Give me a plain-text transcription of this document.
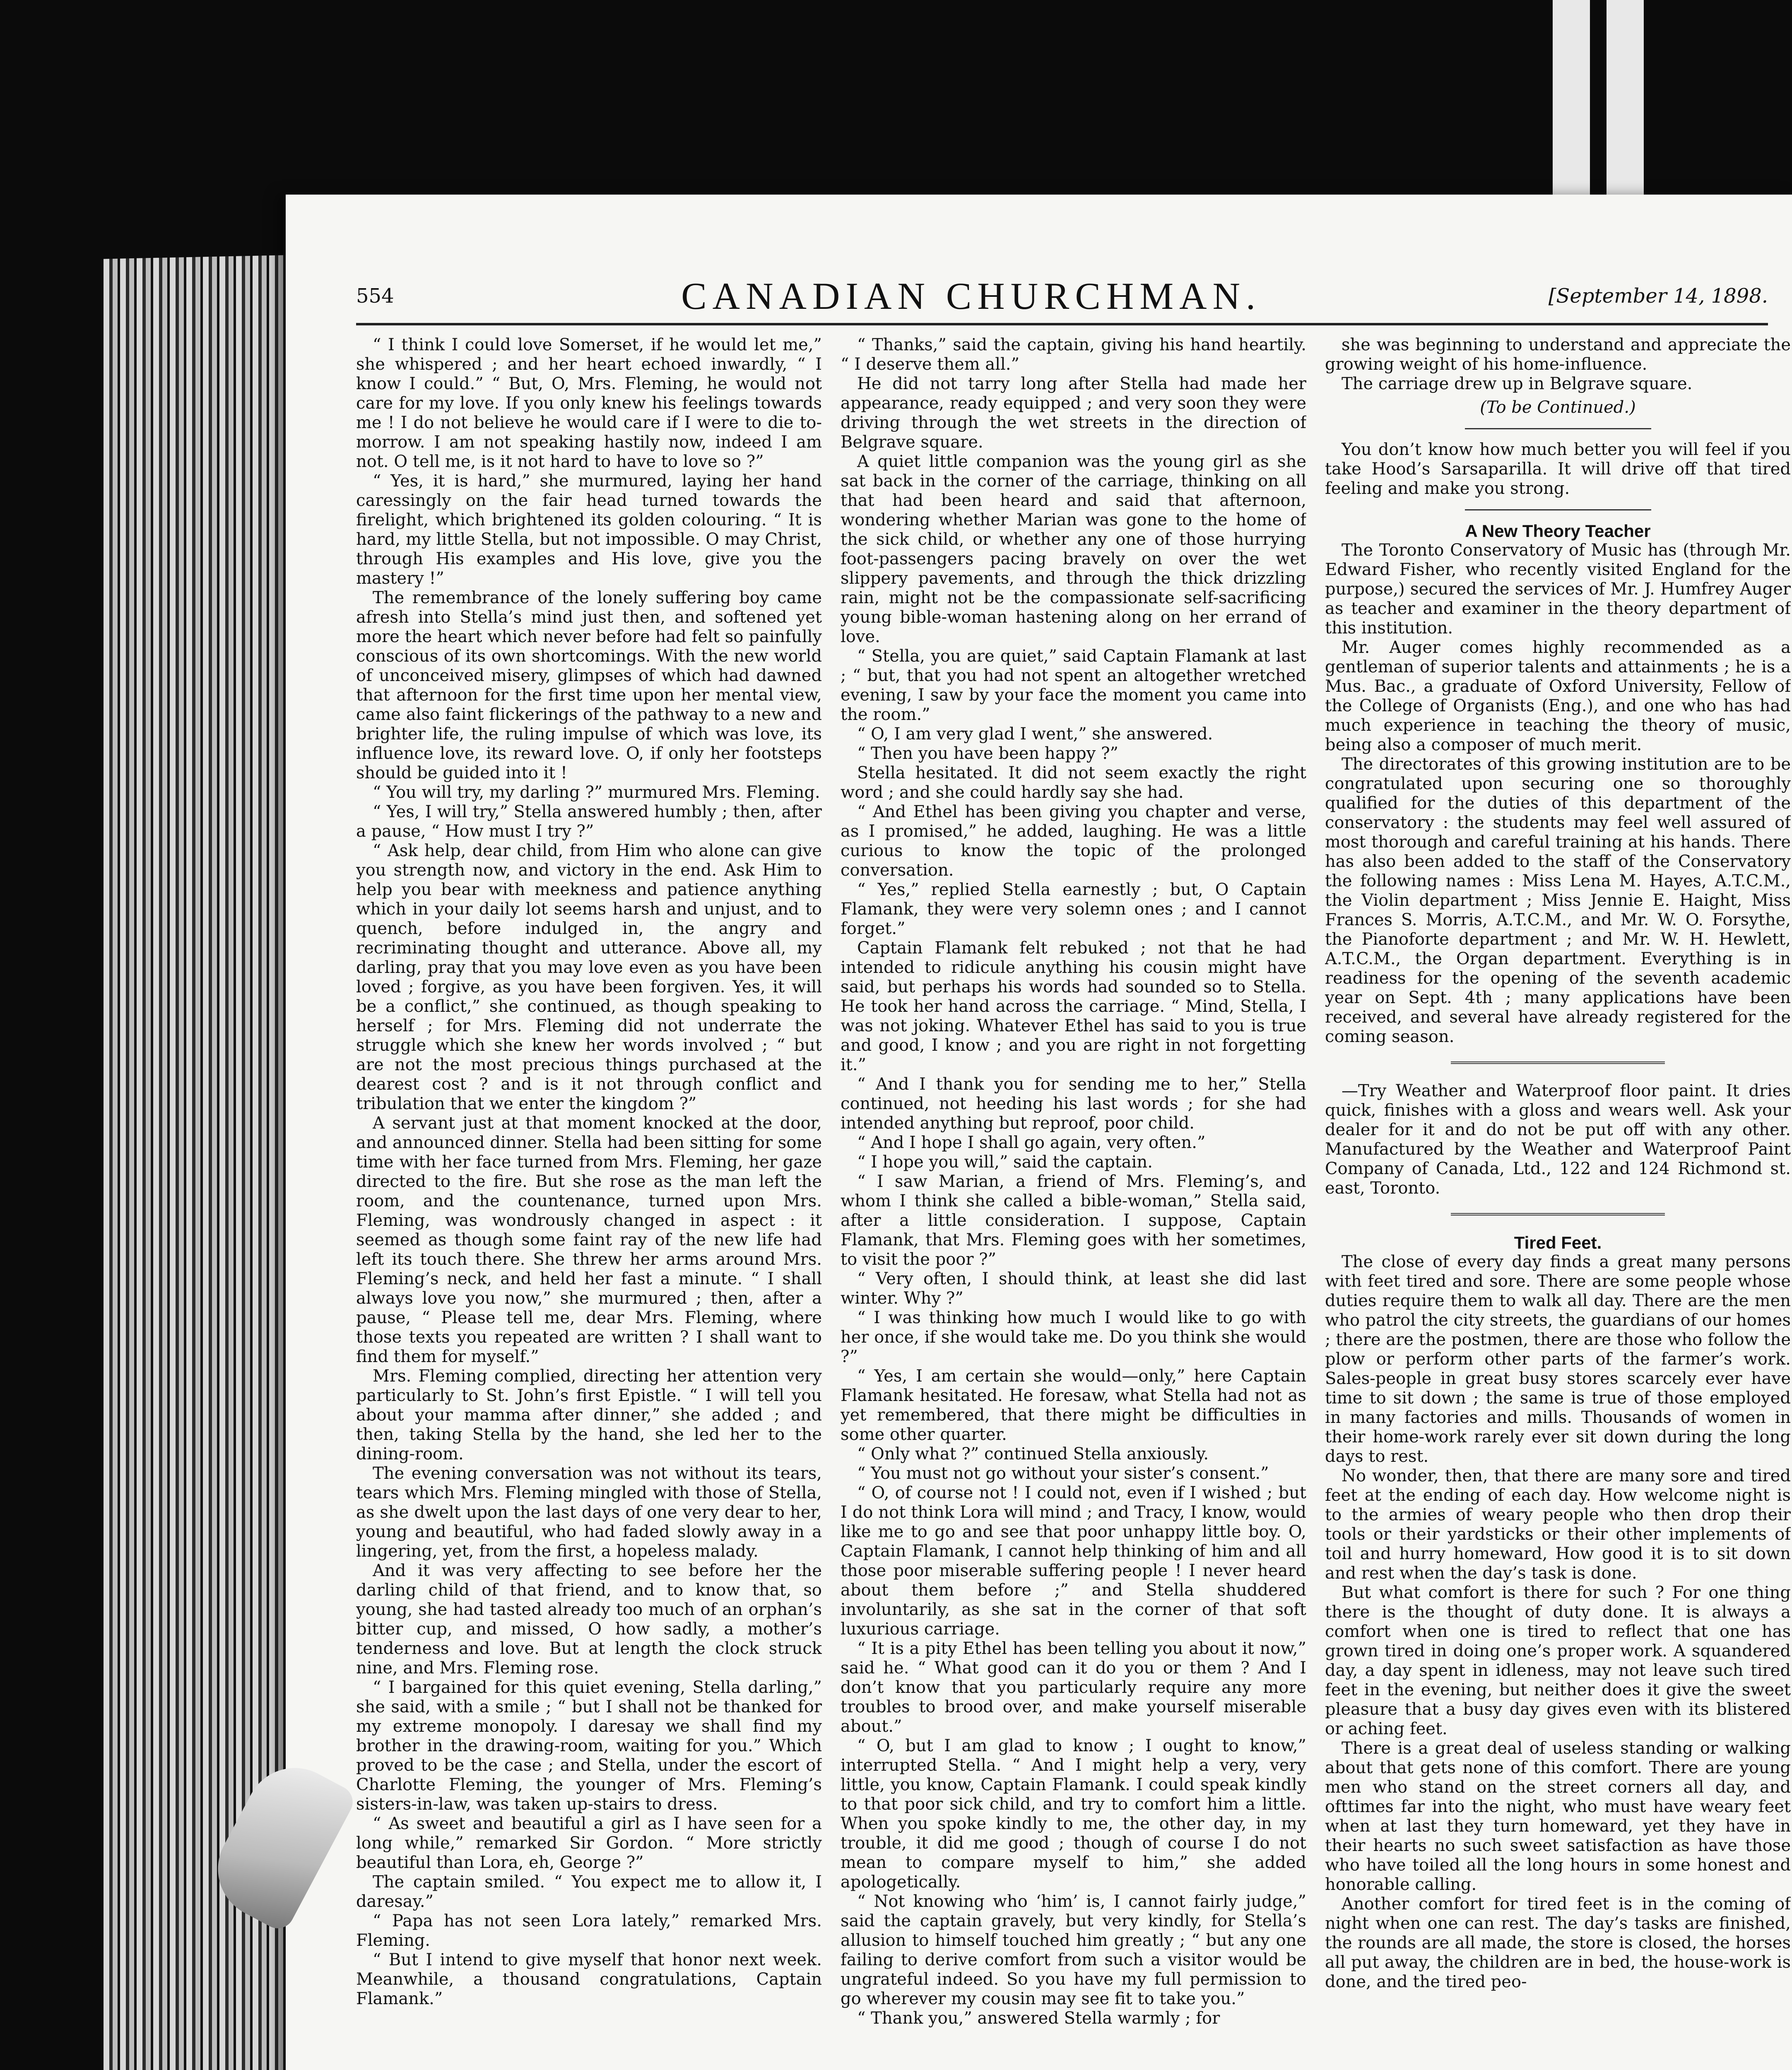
554	CANADIAN CHURCHMAN.	[September 14, 1898.

“ I think I could love Somerset, if he would let me,” she whispered ; and her heart echoed inwardly, “ I know I could.” “ But, O, Mrs. Fleming, he would not care for my love. If you only knew his feelings towards me ! I do not believe he would care if I were to die to-morrow. I am not speaking hastily now, indeed I am not. O tell me, is it not hard to have to love so ?”

“ Yes, it is hard,” she murmured, laying her hand caressingly on the fair head turned towards the firelight, which brightened its golden colouring. “ It is hard, my little Stella, but not impossible. O may Christ, through His examples and His love, give you the mastery !”

The remembrance of the lonely suffering boy came afresh into Stella’s mind just then, and softened yet more the heart which never before had felt so painfully conscious of its own shortcomings. With the new world of unconceived misery, glimpses of which had dawned that afternoon for the first time upon her mental view, came also faint flickerings of the pathway to a new and brighter life, the ruling impulse of which was love, its influence love, its reward love. O, if only her footsteps should be guided into it !

“ You will try, my darling ?” murmured Mrs. Fleming.

“ Yes, I will try,” Stella answered humbly ; then, after a pause, “ How must I try ?”

“ Ask help, dear child, from Him who alone can give you strength now, and victory in the end. Ask Him to help you bear with meekness and patience anything which in your daily lot seems harsh and unjust, and to quench, before indulged in, the angry and recriminating thought and utterance. Above all, my darling, pray that you may love even as you have been loved ; forgive, as you have been forgiven. Yes, it will be a conflict,” she continued, as though speaking to herself ; for Mrs. Fleming did not underrate the struggle which she knew her words involved ; “ but are not the most precious things purchased at the dearest cost ? and is it not through conflict and tribulation that we enter the kingdom ?”

A servant just at that moment knocked at the door, and announced dinner. Stella had been sitting for some time with her face turned from Mrs. Fleming, her gaze directed to the fire. But she rose as the man left the room, and the countenance, turned upon Mrs. Fleming, was wondrously changed in aspect : it seemed as though some faint ray of the new life had left its touch there. She threw her arms around Mrs. Fleming’s neck, and held her fast a minute. “ I shall always love you now,” she murmured ; then, after a pause, “ Please tell me, dear Mrs. Fleming, where those texts you repeated are written ? I shall want to find them for myself.”

Mrs. Fleming complied, directing her attention very particularly to St. John’s first Epistle. “ I will tell you about your mamma after dinner,” she added ; and then, taking Stella by the hand, she led her to the dining-room.

The evening conversation was not without its tears, tears which Mrs. Fleming mingled with those of Stella, as she dwelt upon the last days of one very dear to her, young and beautiful, who had faded slowly away in a lingering, yet, from the first, a hopeless malady.

And it was very affecting to see before her the darling child of that friend, and to know that, so young, she had tasted already too much of an orphan’s bitter cup, and missed, O how sadly, a mother’s tenderness and love. But at length the clock struck nine, and Mrs. Fleming rose.

“ I bargained for this quiet evening, Stella darling,” she said, with a smile ; “ but I shall not be thanked for my extreme monopoly. I daresay we shall find my brother in the drawing-room, waiting for you.” Which proved to be the case ; and Stella, under the escort of Charlotte Fleming, the younger of Mrs. Fleming’s sisters-in-law, was taken up-stairs to dress.

“ As sweet and beautiful a girl as I have seen for a long while,” remarked Sir Gordon. “ More strictly beautiful than Lora, eh, George ?”

The captain smiled. “ You expect me to allow it, I daresay.”

“ Papa has not seen Lora lately,” remarked Mrs. Fleming.

“ But I intend to give myself that honor next week. Meanwhile, a thousand congratulations, Captain Flamank.”

“ Thanks,” said the captain, giving his hand heartily. “ I deserve them all.”

He did not tarry long after Stella had made her appearance, ready equipped ; and very soon they were driving through the wet streets in the direction of Belgrave square.

A quiet little companion was the young girl as she sat back in the corner of the carriage, thinking on all that had been heard and said that afternoon, wondering whether Marian was gone to the home of the sick child, or whether any one of those hurrying foot-passengers pacing bravely on over the wet slippery pavements, and through the thick drizzling rain, might not be the compassionate self-sacrificing young bible-woman hastening along on her errand of love.

“ Stella, you are quiet,” said Captain Flamank at last ; “ but, that you had not spent an altogether wretched evening, I saw by your face the moment you came into the room.”

“ O, I am very glad I went,” she answered.

“ Then you have been happy ?”

Stella hesitated. It did not seem exactly the right word ; and she could hardly say she had.

“ And Ethel has been giving you chapter and verse, as I promised,” he added, laughing. He was a little curious to know the topic of the prolonged conversation.

“ Yes,” replied Stella earnestly ; but, O Captain Flamank, they were very solemn ones ; and I cannot forget.”

Captain Flamank felt rebuked ; not that he had intended to ridicule anything his cousin might have said, but perhaps his words had sounded so to Stella. He took her hand across the carriage. “ Mind, Stella, I was not joking. Whatever Ethel has said to you is true and good, I know ; and you are right in not forgetting it.”

“ And I thank you for sending me to her,” Stella continued, not heeding his last words ; for she had intended anything but reproof, poor child.

“ And I hope I shall go again, very often.”

“ I hope you will,” said the captain.

“ I saw Marian, a friend of Mrs. Fleming’s, and whom I think she called a bible-woman,” Stella said, after a little consideration. I suppose, Captain Flamank, that Mrs. Fleming goes with her sometimes, to visit the poor ?”

“ Very often, I should think, at least she did last winter. Why ?”

“ I was thinking how much I would like to go with her once, if she would take me. Do you think she would ?”

“ Yes, I am certain she would—only,” here Captain Flamank hesitated. He foresaw, what Stella had not as yet remembered, that there might be difficulties in some other quarter.

“ Only what ?” continued Stella anxiously.

“ You must not go without your sister’s consent.”

“ O, of course not ! I could not, even if I wished ; but I do not think Lora will mind ; and Tracy, I know, would like me to go and see that poor unhappy little boy. O, Captain Flamank, I cannot help thinking of him and all those poor miserable suffering people ! I never heard about them before ;” and Stella shuddered involuntarily, as she sat in the corner of that soft luxurious carriage.

“ It is a pity Ethel has been telling you about it now,” said he. “ What good can it do you or them ? And I don’t know that you particularly require any more troubles to brood over, and make yourself miserable about.”

“ O, but I am glad to know ; I ought to know,” interrupted Stella. “ And I might help a very, very little, you know, Captain Flamank. I could speak kindly to that poor sick child, and try to comfort him a little. When you spoke kindly to me, the other day, in my trouble, it did me good ; though of course I do not mean to compare myself to him,” she added apologetically.

“ Not knowing who ‘him’ is, I cannot fairly judge,” said the captain gravely, but very kindly, for Stella’s allusion to himself touched him greatly ; “ but any one failing to derive comfort from such a visitor would be ungrateful indeed. So you have my full permission to go wherever my cousin may see fit to take you.”

“ Thank you,” answered Stella warmly ; for

she was beginning to understand and appreciate the growing weight of his home-influence.

The carriage drew up in Belgrave square.

(To be Continued.)

You don’t know how much better you will feel if you take Hood’s Sarsaparilla. It will drive off that tired feeling and make you strong.

A New Theory Teacher

The Toronto Conservatory of Music has (through Mr. Edward Fisher, who recently visited England for the purpose,) secured the services of Mr. J. Humfrey Auger as teacher and examiner in the theory department of this institution.

Mr. Auger comes highly recommended as a gentleman of superior talents and attainments ; he is a Mus. Bac., a graduate of Oxford University, Fellow of the College of Organists (Eng.), and one who has had much experience in teaching the theory of music, being also a composer of much merit.

The directorates of this growing institution are to be congratulated upon securing one so thoroughly qualified for the duties of this department of the conservatory : the students may feel well assured of most thorough and careful training at his hands. There has also been added to the staff of the Conservatory the following names : Miss Lena M. Hayes, A.T.C.M., the Violin department ; Miss Jennie E. Haight, Miss Frances S. Morris, A.T.C.M., and Mr. W. O. Forsythe, the Pianoforte department ; and Mr. W. H. Hewlett, A.T.C.M., the Organ department. Everything is in readiness for the opening of the seventh academic year on Sept. 4th ; many applications have been received, and several have already registered for the coming season.

—Try Weather and Waterproof floor paint. It dries quick, finishes with a gloss and wears well. Ask your dealer for it and do not be put off with any other. Manufactured by the Weather and Waterproof Paint Company of Canada, Ltd., 122 and 124 Richmond st. east, Toronto.

Tired Feet.

The close of every day finds a great many persons with feet tired and sore. There are some people whose duties require them to walk all day. There are the men who patrol the city streets, the guardians of our homes ; there are the postmen, there are those who follow the plow or perform other parts of the farmer’s work. Sales-people in great busy stores scarcely ever have time to sit down ; the same is true of those employed in many factories and mills. Thousands of women in their home-work rarely ever sit down during the long days to rest.

No wonder, then, that there are many sore and tired feet at the ending of each day. How welcome night is to the armies of weary people who then drop their tools or their yardsticks or their other implements of toil and hurry homeward, How good it is to sit down and rest when the day’s task is done.

But what comfort is there for such ? For one thing there is the thought of duty done. It is always a comfort when one is tired to reflect that one has grown tired in doing one’s proper work. A squandered day, a day spent in idleness, may not leave such tired feet in the evening, but neither does it give the sweet pleasure that a busy day gives even with its blistered or aching feet.

There is a great deal of useless standing or walking about that gets none of this comfort. There are young men who stand on the street corners all day, and ofttimes far into the night, who must have weary feet when at last they turn homeward, yet they have in their hearts no such sweet satisfaction as have those who have toiled all the long hours in some honest and honorable calling.

Another comfort for tired feet is in the coming of night when one can rest. The day’s tasks are finished, the rounds are all made, the store is closed, the horses all put away, the children are in bed, the house-work is done, and the tired peo-
